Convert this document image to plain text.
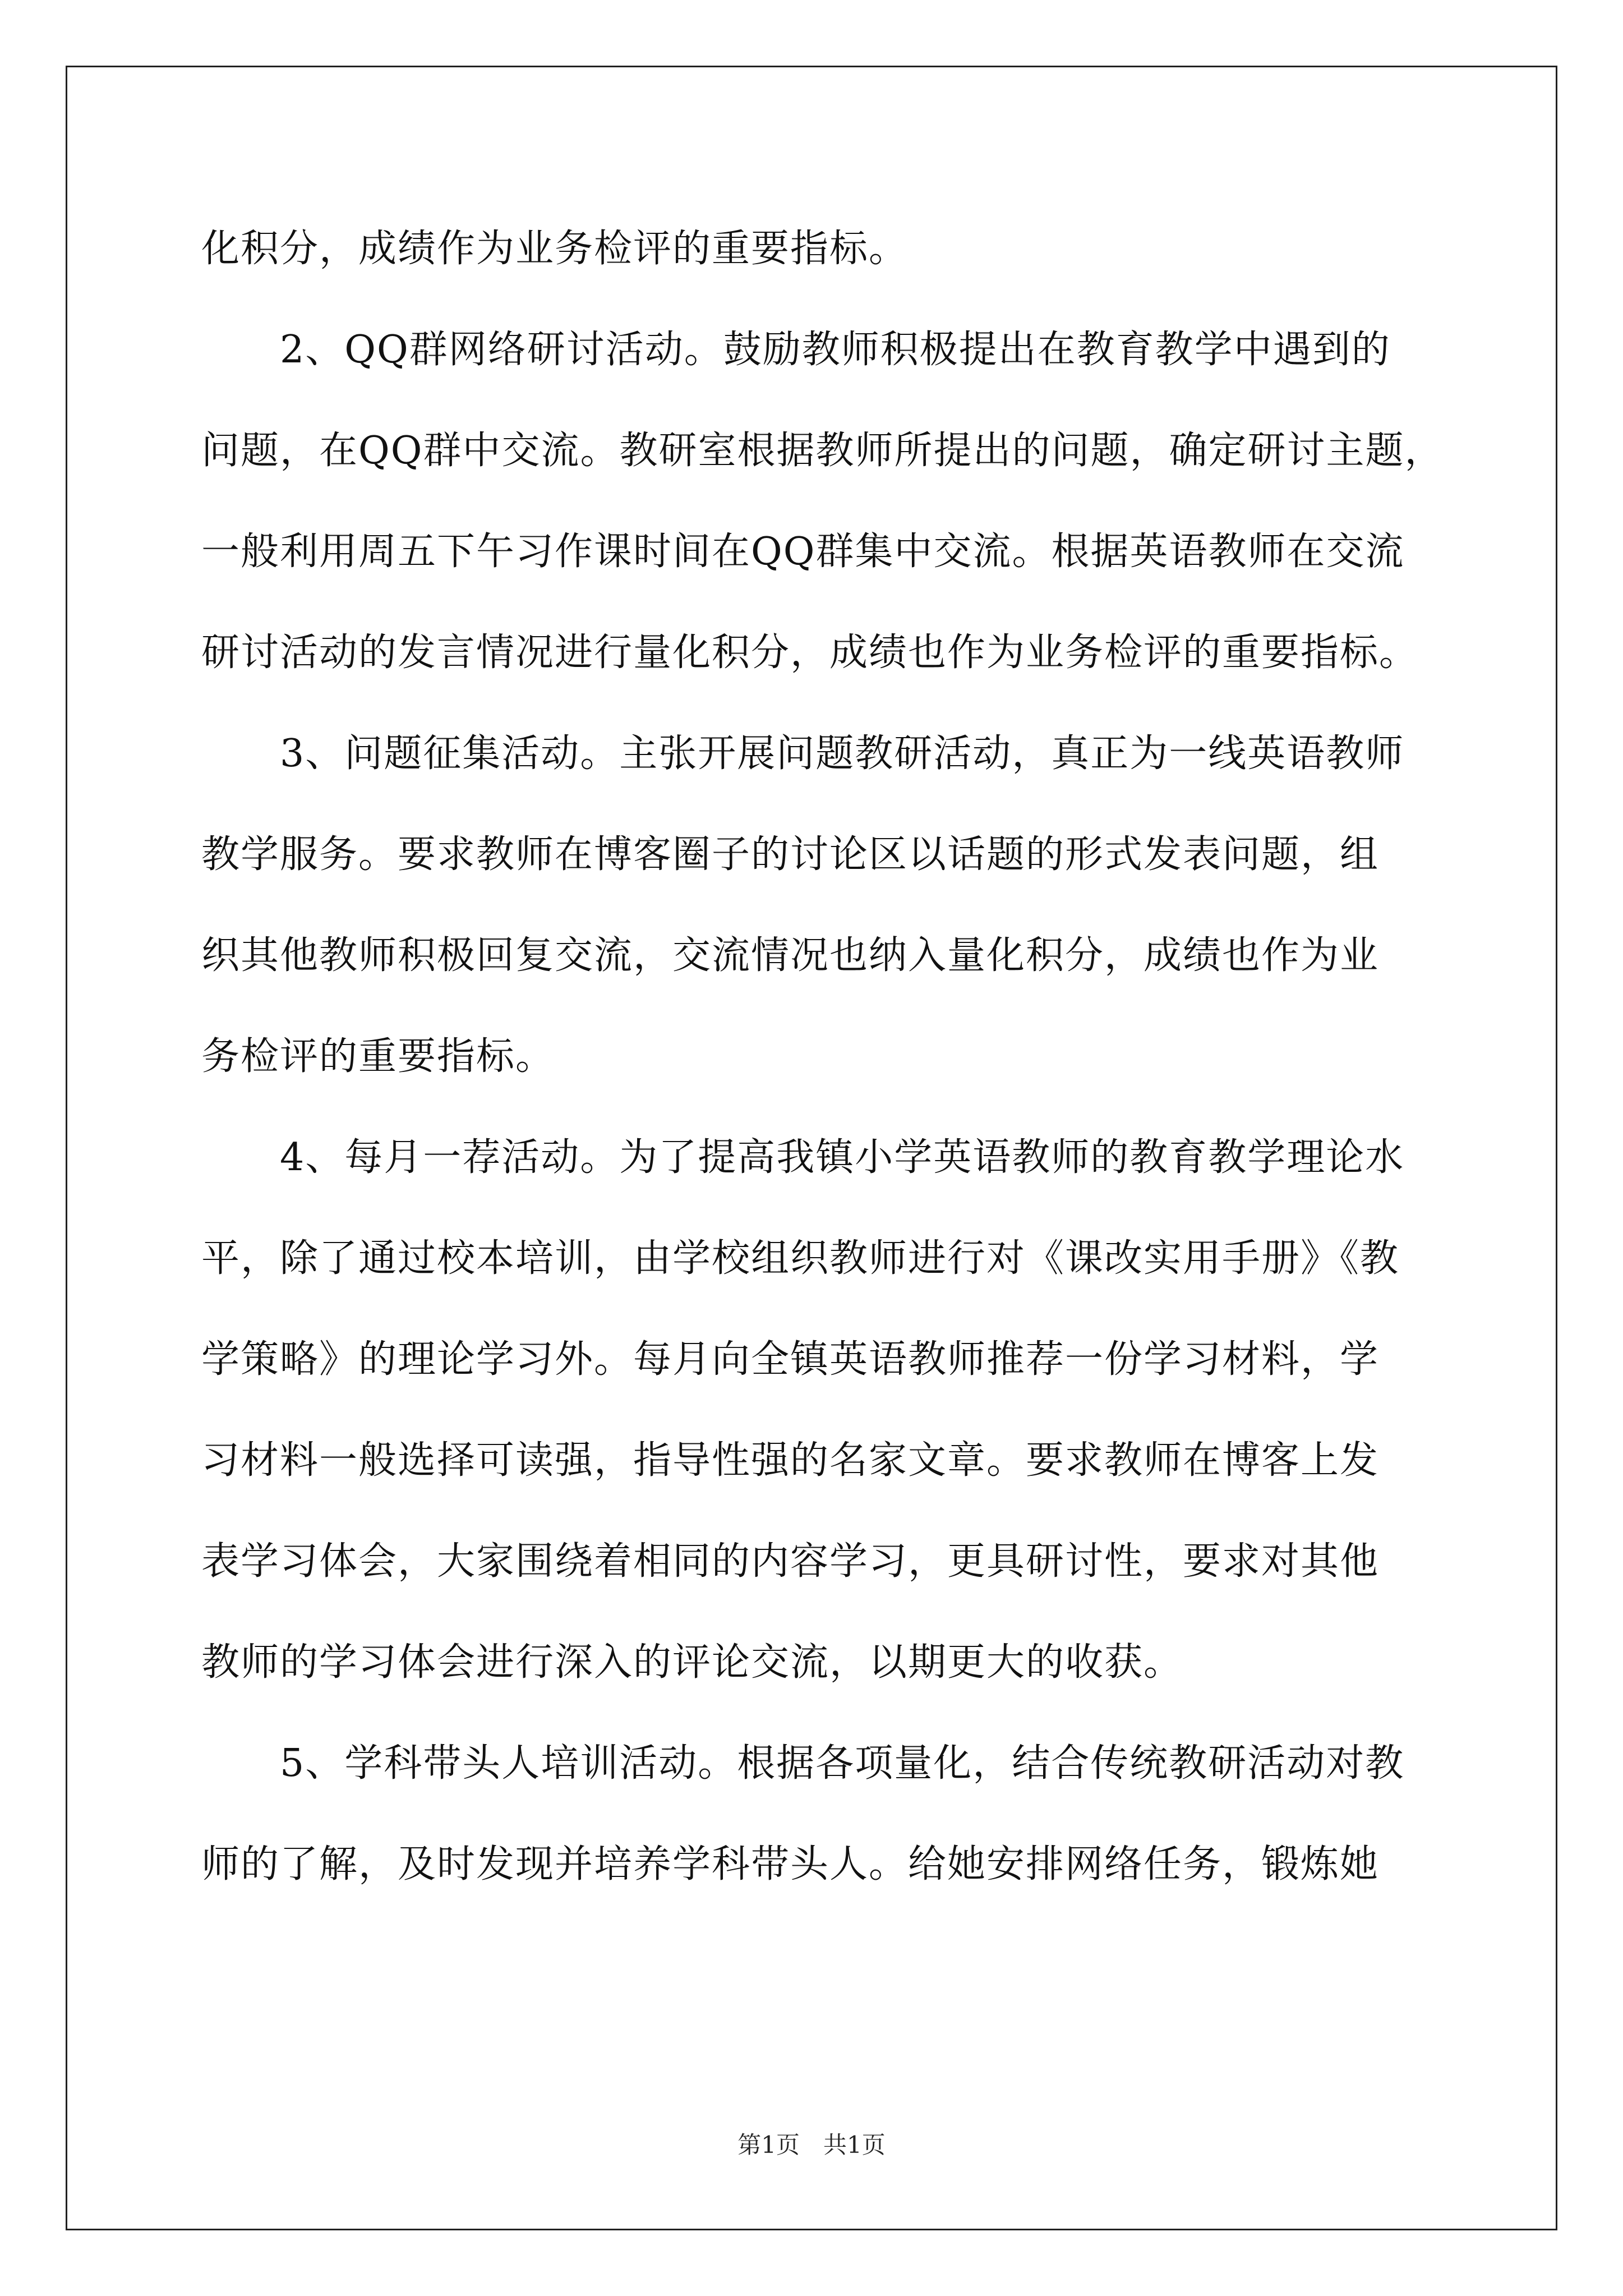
化积分，成绩作为业务检评的重要指标。
　　2、QQ群网络研讨活动。鼓励教师积极提出在教育教学中遇到的
问题，在QQ群中交流。教研室根据教师所提出的问题，确定研讨主题，
一般利用周五下午习作课时间在QQ群集中交流。根据英语教师在交流
研讨活动的发言情况进行量化积分，成绩也作为业务检评的重要指标。
　　3、问题征集活动。主张开展问题教研活动，真正为一线英语教师
教学服务。要求教师在博客圈子的讨论区以话题的形式发表问题，组
织其他教师积极回复交流，交流情况也纳入量化积分，成绩也作为业
务检评的重要指标。
　　4、每月一荐活动。为了提高我镇小学英语教师的教育教学理论水
平，除了通过校本培训，由学校组织教师进行对《课改实用手册》《教
学策略》的理论学习外。每月向全镇英语教师推荐一份学习材料，学
习材料一般选择可读强，指导性强的名家文章。要求教师在博客上发
表学习体会，大家围绕着相同的内容学习，更具研讨性，要求对其他
教师的学习体会进行深入的评论交流，以期更大的收获。
　　5、学科带头人培训活动。根据各项量化，结合传统教研活动对教
师的了解，及时发现并培养学科带头人。给她安排网络任务，锻炼她
第1页　共1页
